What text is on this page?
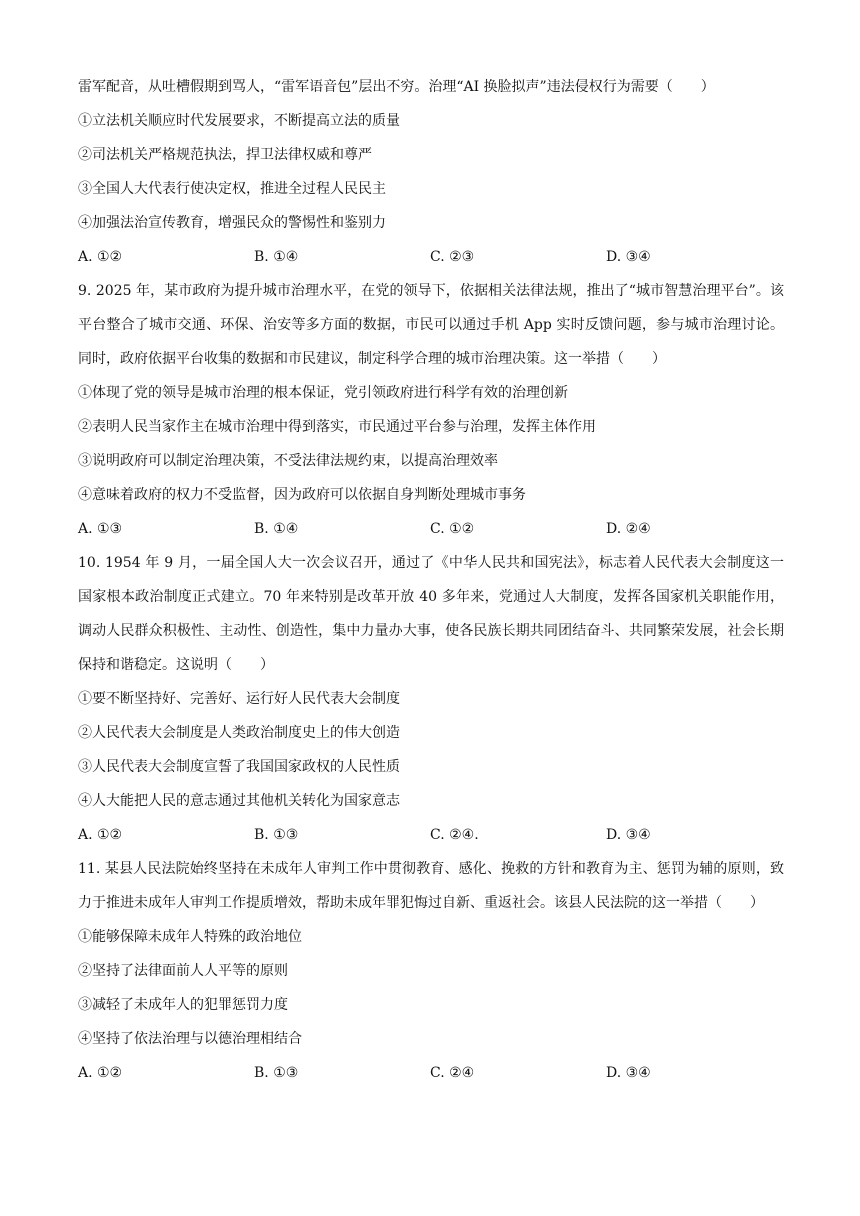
雷军配音，从吐槽假期到骂人，“雷军语音包”层出不穷。治理“AI 换脸拟声”违法侵权行为需要（　　）
①立法机关顺应时代发展要求，不断提高立法的质量
②司法机关严格规范执法，捍卫法律权威和尊严
③全国人大代表行使决定权，推进全过程人民民主
④加强法治宣传教育，增强民众的警惕性和鉴别力
A. ①②	B. ①④	C. ②③	D. ③④
9. 2025 年，某市政府为提升城市治理水平，在党的领导下，依据相关法律法规，推出了“城市智慧治理平台”。该平台整合了城市交通、环保、治安等多方面的数据，市民可以通过手机 App 实时反馈问题，参与城市治理讨论。同时，政府依据平台收集的数据和市民建议，制定科学合理的城市治理决策。这一举措（　　）
①体现了党的领导是城市治理的根本保证，党引领政府进行科学有效的治理创新
②表明人民当家作主在城市治理中得到落实，市民通过平台参与治理，发挥主体作用
③说明政府可以制定治理决策，不受法律法规约束，以提高治理效率
④意味着政府的权力不受监督，因为政府可以依据自身判断处理城市事务
A. ①③	B. ①④	C. ①②	D. ②④
10. 1954 年 9 月，一届全国人大一次会议召开，通过了《中华人民共和国宪法》，标志着人民代表大会制度这一国家根本政治制度正式建立。70 年来特别是改革开放 40 多年来，党通过人大制度，发挥各国家机关职能作用，调动人民群众积极性、主动性、创造性，集中力量办大事，使各民族长期共同团结奋斗、共同繁荣发展，社会长期保持和谐稳定。这说明（　　）
①要不断坚持好、完善好、运行好人民代表大会制度
②人民代表大会制度是人类政治制度史上的伟大创造
③人民代表大会制度宣誓了我国国家政权的人民性质
④人大能把人民的意志通过其他机关转化为国家意志
A. ①②	B. ①③	C. ②④.	D. ③④
11. 某县人民法院始终坚持在未成年人审判工作中贯彻教育、感化、挽救的方针和教育为主、惩罚为辅的原则，致力于推进未成年人审判工作提质增效，帮助未成年罪犯悔过自新、重返社会。该县人民法院的这一举措（　　）
①能够保障未成年人特殊的政治地位
②坚持了法律面前人人平等的原则
③减轻了未成年人的犯罪惩罚力度
④坚持了依法治理与以德治理相结合
A. ①②	B. ①③	C. ②④	D. ③④
